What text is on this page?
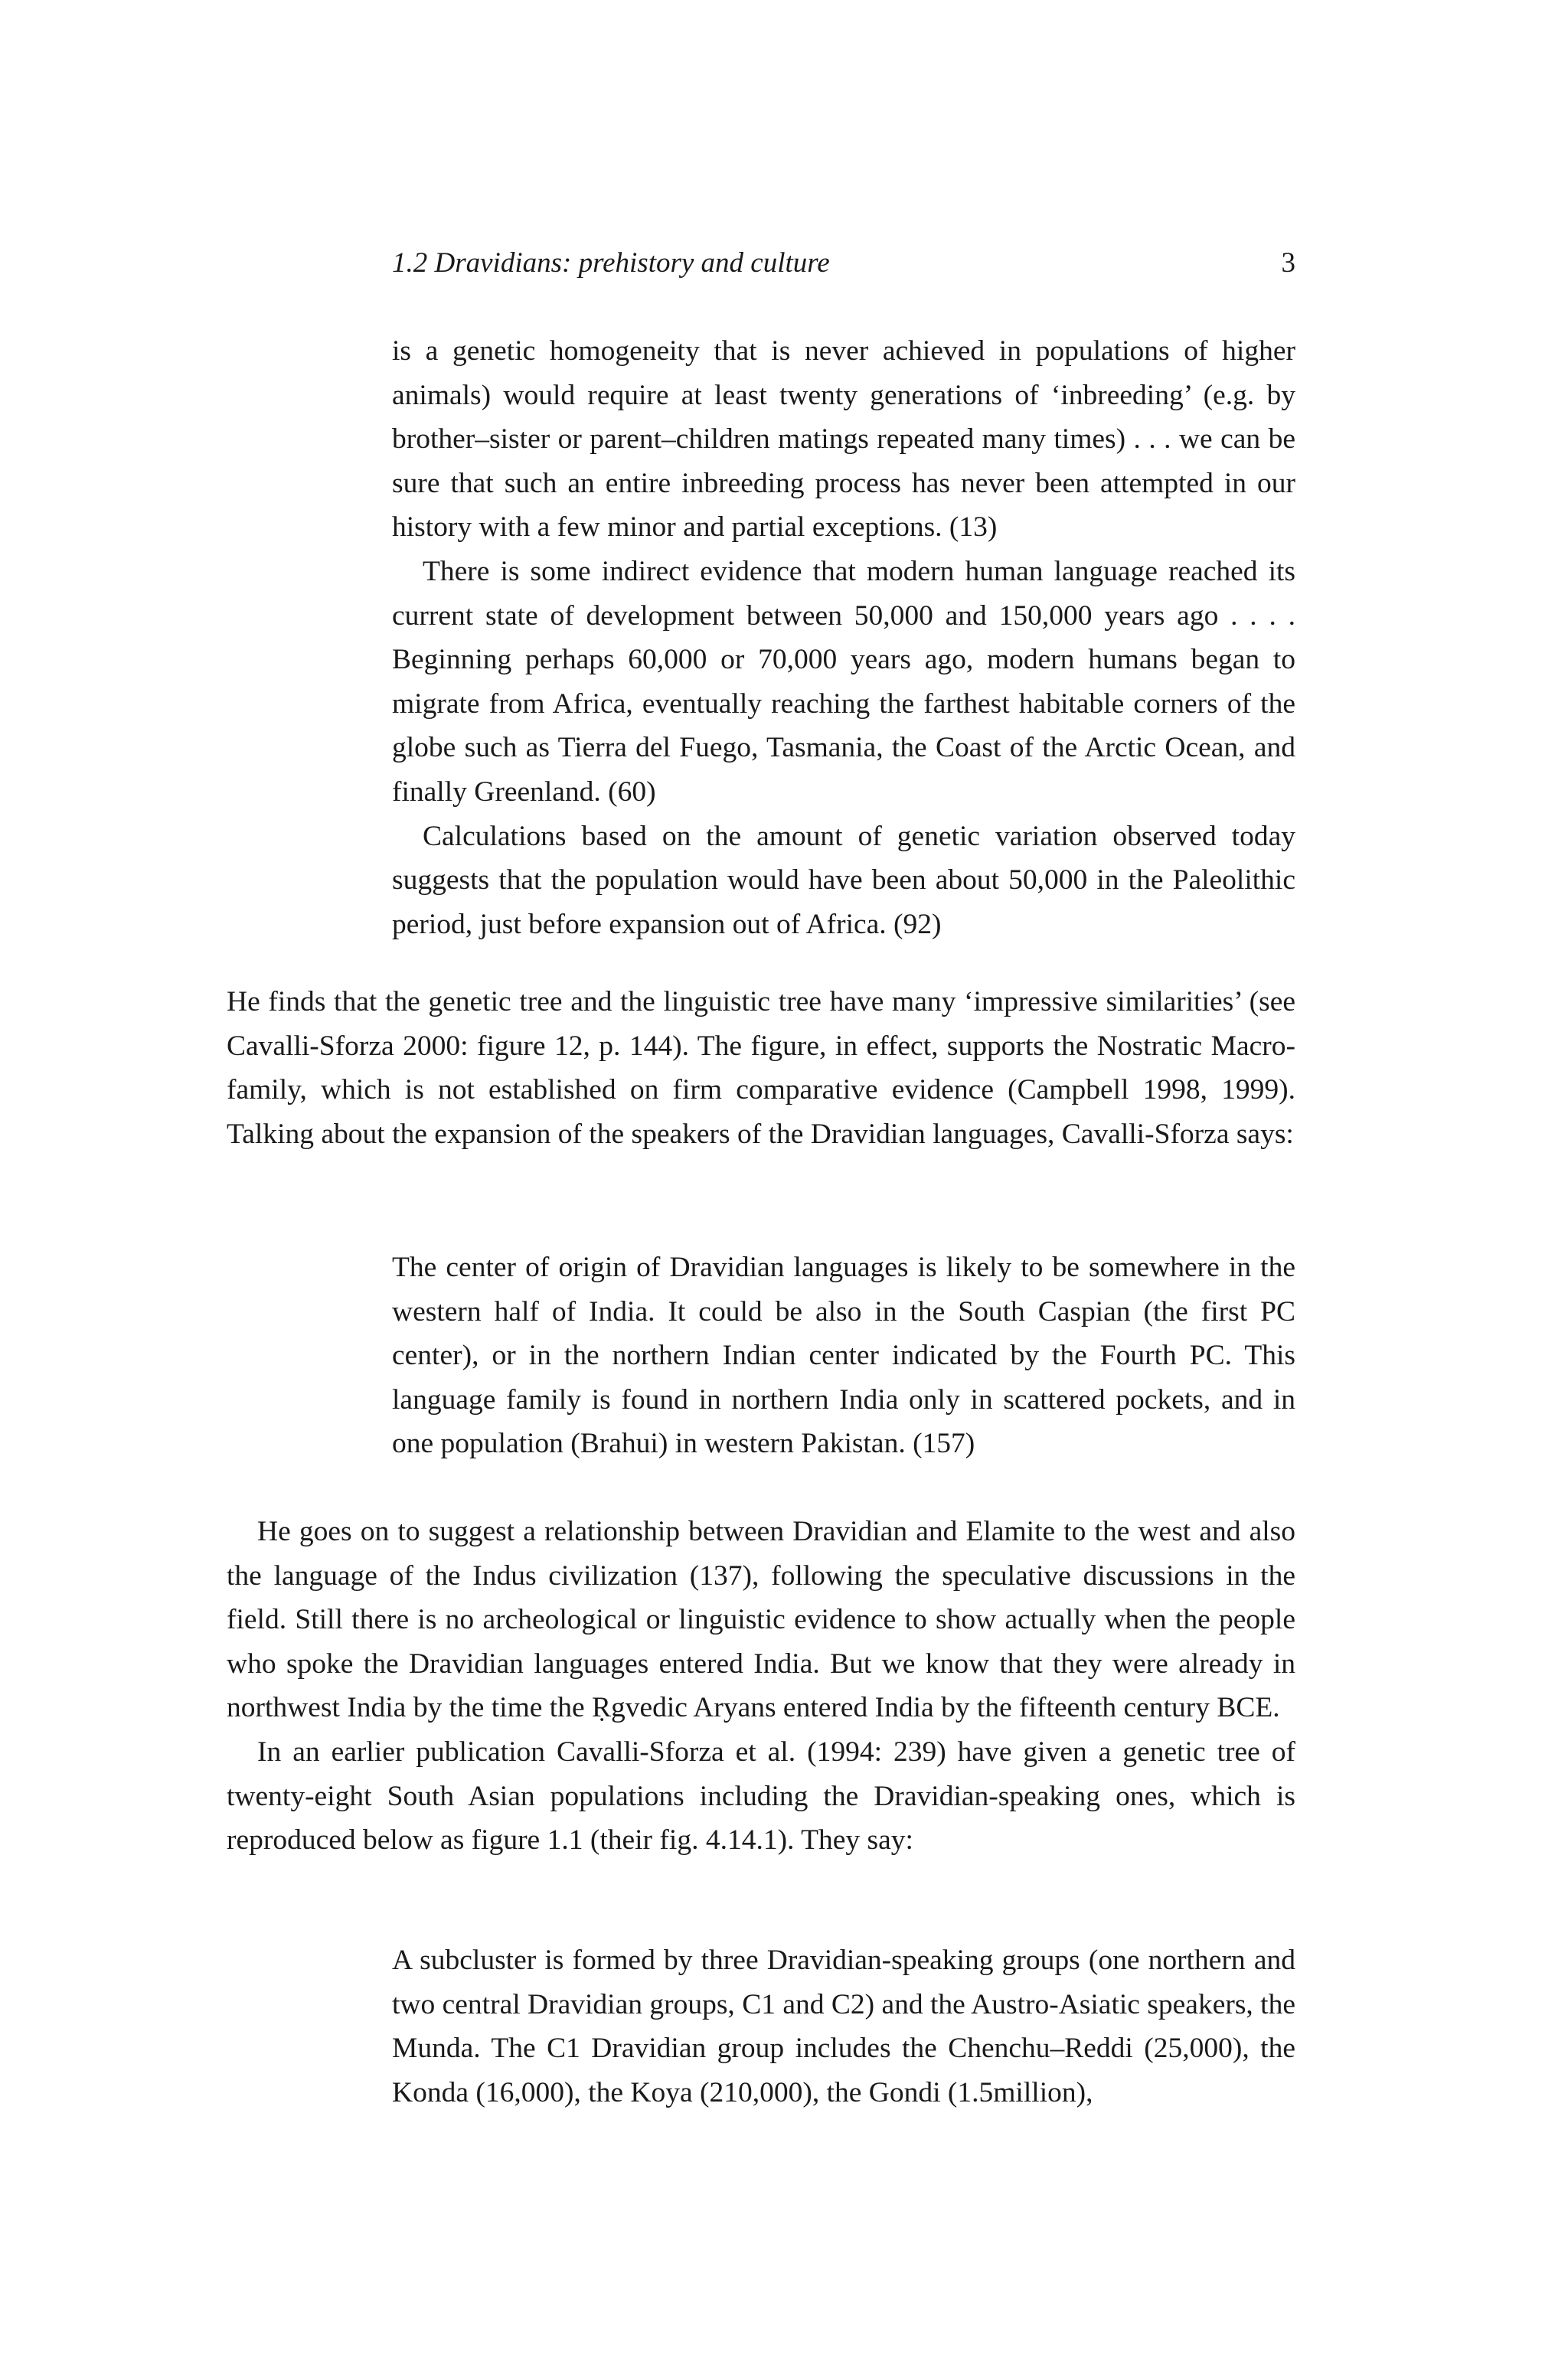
1.2 Dravidians: prehistory and culture	3

is a genetic homogeneity that is never achieved in populations of higher animals) would require at least twenty generations of ‘inbreeding’ (e.g. by brother–sister or parent–children matings repeated many times) . . . we can be sure that such an entire inbreeding process has never been attempted in our history with a few minor and partial exceptions. (13)

There is some indirect evidence that modern human language reached its current state of development between 50,000 and 150,000 years ago . . . . Beginning perhaps 60,000 or 70,000 years ago, modern humans began to migrate from Africa, eventually reaching the farthest habitable corners of the globe such as Tierra del Fuego, Tasmania, the Coast of the Arctic Ocean, and finally Greenland. (60)

Calculations based on the amount of genetic variation observed today suggests that the population would have been about 50,000 in the Paleolithic period, just before expansion out of Africa. (92)

He finds that the genetic tree and the linguistic tree have many ‘impressive similarities’ (see Cavalli-Sforza 2000: figure 12, p. 144). The figure, in effect, supports the Nostratic Macro-family, which is not established on firm comparative evidence (Campbell 1998, 1999). Talking about the expansion of the speakers of the Dravidian languages, Cavalli-Sforza says:

The center of origin of Dravidian languages is likely to be somewhere in the western half of India. It could be also in the South Caspian (the first PC center), or in the northern Indian center indicated by the Fourth PC. This language family is found in northern India only in scattered pockets, and in one population (Brahui) in western Pakistan. (157)

He goes on to suggest a relationship between Dravidian and Elamite to the west and also the language of the Indus civilization (137), following the speculative discussions in the field. Still there is no archeological or linguistic evidence to show actually when the people who spoke the Dravidian languages entered India. But we know that they were already in northwest India by the time the Ṛgvedic Aryans entered India by the fifteenth century BCE.

In an earlier publication Cavalli-Sforza et al. (1994: 239) have given a genetic tree of twenty-eight South Asian populations including the Dravidian-speaking ones, which is reproduced below as figure 1.1 (their fig. 4.14.1). They say:

A subcluster is formed by three Dravidian-speaking groups (one northern and two central Dravidian groups, C1 and C2) and the Austro-Asiatic speakers, the Munda. The C1 Dravidian group includes the Chenchu–Reddi (25,000), the Konda (16,000), the Koya (210,000), the Gondi (1.5million),
